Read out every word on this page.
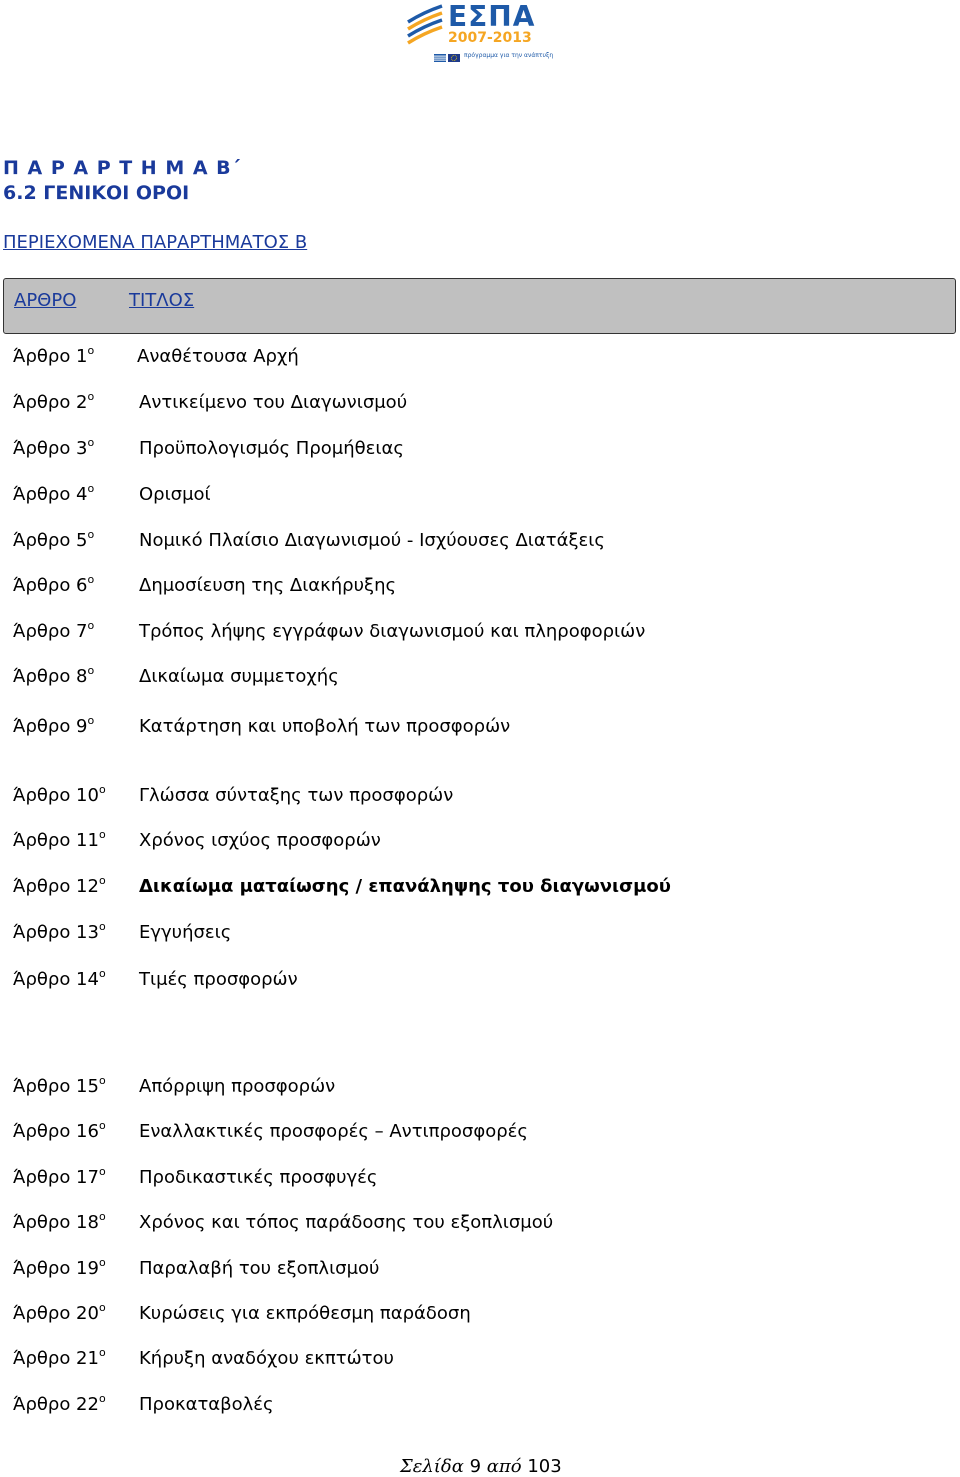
ΕΣΠΑ
2007-2013
πρόγραμμα για την ανάπτυξη
Π Α Ρ Α Ρ Τ Η Μ Α Β΄
6.2 ΓΕΝΙΚΟΙ ΟΡΟΙ
ΠΕΡΙΕΧΟΜΕΝΑ ΠΑΡΑΡΤΗΜΑΤΟΣ Β
ΑΡΘΡΟ	ΤΙΤΛΟΣ
Άρθρο $1^o$ Αναθέτουσα Αρχή
Άρθρο $2^o$ Αντικείμενο του Διαγωνισμού
Άρθρο $3^o$ Προϋπολογισμός Προμήθειας
Άρθρο $4^o$ Ορισμοί
Άρθρο $5^o$ Νομικό Πλαίσιο Διαγωνισμού - Ισχύουσες Διατάξεις
Άρθρο $6^o$ Δημοσίευση της Διακήρυξης
Άρθρο $7^o$ Τρόπος λήψης εγγράφων διαγωνισμού και πληροφοριών
Άρθρο $8^o$ Δικαίωμα συμμετοχής
Άρθρο $9^o$ Κατάρτηση και υποβολή των προσφορών
Άρθρο $10^o$ Γλώσσα σύνταξης των προσφορών
Άρθρο $11^o$ Χρόνος ισχύος προσφορών
Άρθρο $12^o$ Δικαίωμα ματαίωσης / επανάληψης του διαγωνισμού
Άρθρο $13^o$ Εγγυήσεις
Άρθρο $14^o$ Τιμές προσφορών
Άρθρο $15^o$ Απόρριψη προσφορών
Άρθρο $16^o$ Εναλλακτικές προσφορές – Αντιπροσφορές
Άρθρο $17^o$ Προδικαστικές προσφυγές
Άρθρο $18^o$ Χρόνος και τόπος παράδοσης του εξοπλισμού
Άρθρο $19^o$ Παραλαβή του εξοπλισμού
Άρθρο $20^o$ Κυρώσεις για εκπρόθεσμη παράδοση
Άρθρο $21^o$ Κήρυξη αναδόχου εκπτώτου
Άρθρο $22^o$ Προκαταβολές
Σελίδα 9 από 103
